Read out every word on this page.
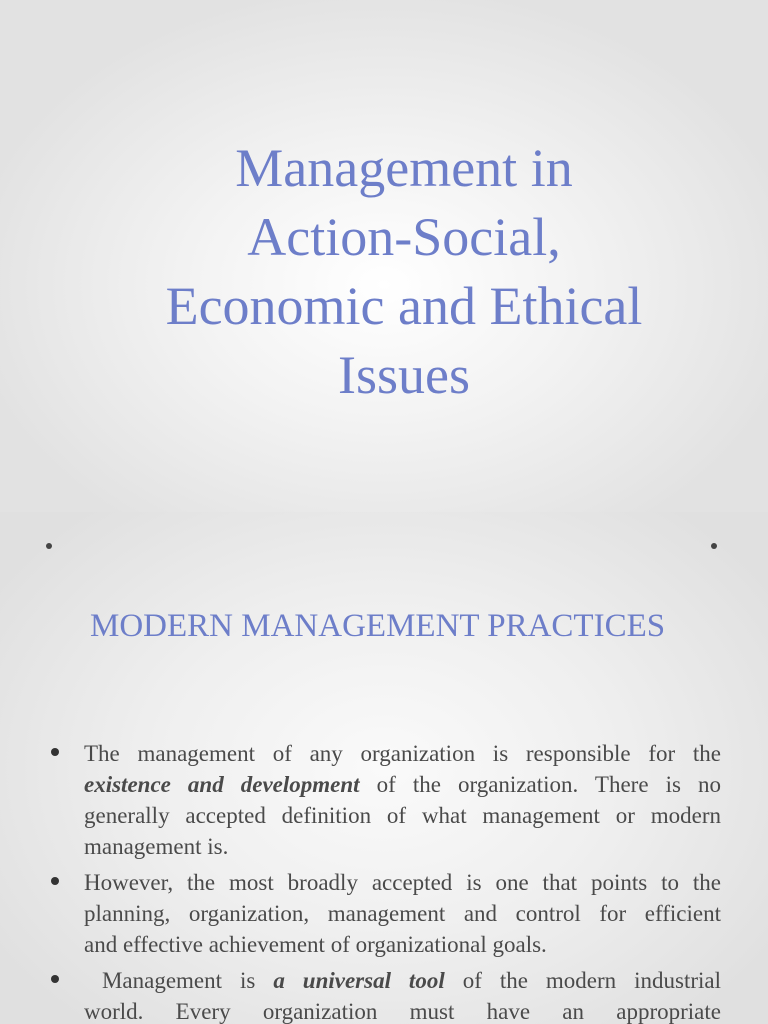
Management in
Action-Social,
Economic and Ethical
Issues
MODERN MANAGEMENT PRACTICES
The management of any organization is responsible for the
existence and development of the organization. There is no
generally accepted definition of what management or modern
management is.
However, the most broadly accepted is one that points to the
planning, organization, management and control for efficient
and effective achievement of organizational goals.
Management is a universal tool of the modern industrial
world. Every organization must have an appropriate
